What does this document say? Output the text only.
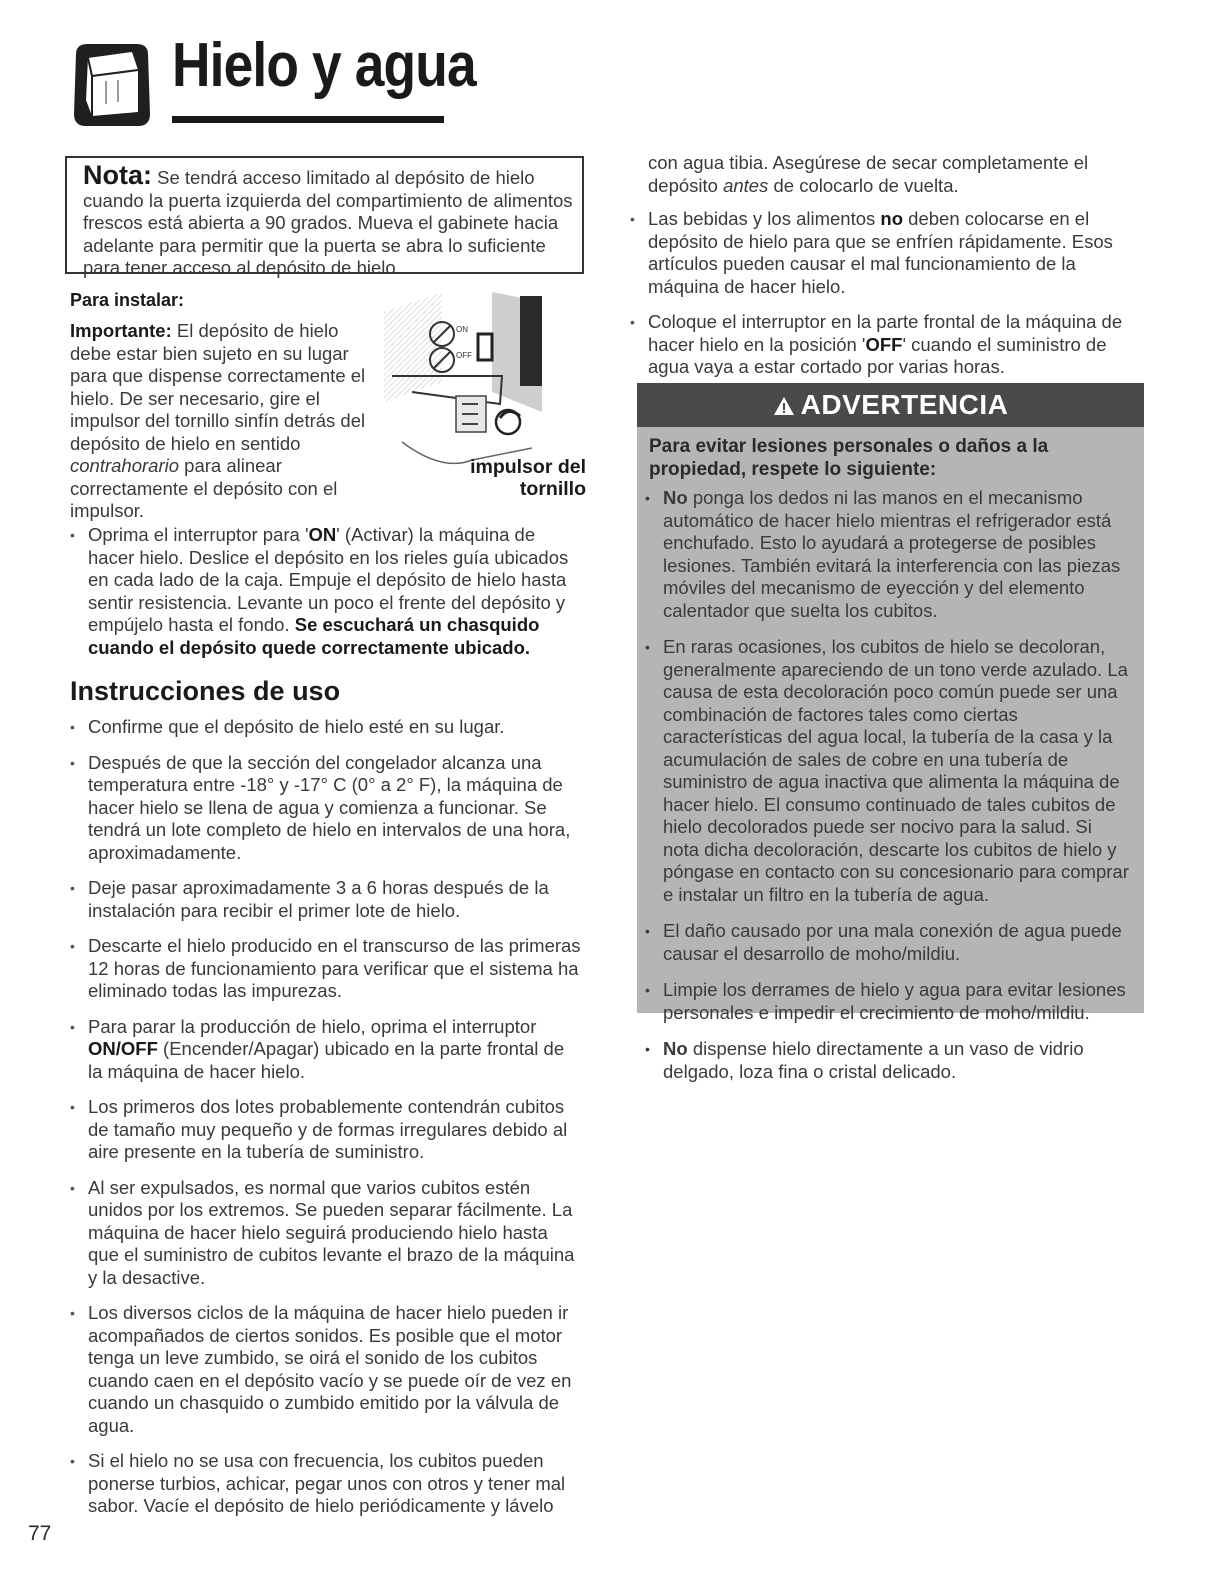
Hielo y agua

Nota: Se tendrá acceso limitado al depósito de hielo cuando la puerta izquierda del compartimiento de alimentos frescos está abierta a 90 grados. Mueva el gabinete hacia adelante para permitir que la puerta se abra lo suficiente para tener acceso al depósito de hielo.

Para instalar:

Importante: El depósito de hielo debe estar bien sujeto en su lugar para que dispense correctamente el hielo. De ser necesario, gire el impulsor del tornillo sinfín detrás del depósito de hielo en sentido contrahorario para alinear correctamente el depósito con el impulsor.

ON
OFF
impulsor del tornillo
• Oprima el interruptor para 'ON' (Activar) la máquina de hacer hielo. Deslice el depósito en los rieles guía ubicados en cada lado de la caja. Empuje el depósito de hielo hasta sentir resistencia. Levante un poco el frente del depósito y empújelo hasta el fondo. Se escuchará un chasquido cuando el depósito quede correctamente ubicado.
Instrucciones de uso
• Confirme que el depósito de hielo esté en su lugar.
• Después de que la sección del congelador alcanza una temperatura entre -18° y -17° C (0° a 2° F), la máquina de hacer hielo se llena de agua y comienza a funcionar. Se tendrá un lote completo de hielo en intervalos de una hora, aproximadamente.
• Deje pasar aproximadamente 3 a 6 horas después de la instalación para recibir el primer lote de hielo.
• Descarte el hielo producido en el transcurso de las primeras 12 horas de funcionamiento para verificar que el sistema ha eliminado todas las impurezas.
• Para parar la producción de hielo, oprima el interruptor ON/OFF (Encender/Apagar) ubicado en la parte frontal de la máquina de hacer hielo.
• Los primeros dos lotes probablemente contendrán cubitos de tamaño muy pequeño y de formas irregulares debido al aire presente en la tubería de suministro.
• Al ser expulsados, es normal que varios cubitos estén unidos por los extremos. Se pueden separar fácilmente. La máquina de hacer hielo seguirá produciendo hielo hasta que el suministro de cubitos levante el brazo de la máquina y la desactive.
• Los diversos ciclos de la máquina de hacer hielo pueden ir acompañados de ciertos sonidos. Es posible que el motor tenga un leve zumbido, se oirá el sonido de los cubitos cuando caen en el depósito vacío y se puede oír de vez en cuando un chasquido o zumbido emitido por la válvula de agua.
• Si el hielo no se usa con frecuencia, los cubitos pueden ponerse turbios, achicar, pegar unos con otros y tener mal sabor. Vacíe el depósito de hielo periódicamente y lávelo

con agua tibia. Asegúrese de secar completamente el depósito antes de colocarlo de vuelta.

• Las bebidas y los alimentos no deben colocarse en el depósito de hielo para que se enfríen rápidamente. Esos artículos pueden causar el mal funcionamiento de la máquina de hacer hielo.
• Coloque el interruptor en la parte frontal de la máquina de hacer hielo en la posición 'OFF' cuando el suministro de agua vaya a estar cortado por varias horas.
ADVERTENCIA

Para evitar lesiones personales o daños a la propiedad, respete lo siguiente:

• No ponga los dedos ni las manos en el mecanismo automático de hacer hielo mientras el refrigerador está enchufado. Esto lo ayudará a protegerse de posibles lesiones. También evitará la interferencia con las piezas móviles del mecanismo de eyección y del elemento calentador que suelta los cubitos.
• En raras ocasiones, los cubitos de hielo se decoloran, generalmente apareciendo de un tono verde azulado. La causa de esta decoloración poco común puede ser una combinación de factores tales como ciertas características del agua local, la tubería de la casa y la acumulación de sales de cobre en una tubería de suministro de agua inactiva que alimenta la máquina de hacer hielo. El consumo continuado de tales cubitos de hielo decolorados puede ser nocivo para la salud. Si nota dicha decoloración, descarte los cubitos de hielo y póngase en contacto con su concesionario para comprar e instalar un filtro en la tubería de agua.
• El daño causado por una mala conexión de agua puede causar el desarrollo de moho/mildiu.
• Limpie los derrames de hielo y agua para evitar lesiones personales e impedir el crecimiento de moho/mildiu.
• No dispense hielo directamente a un vaso de vidrio delgado, loza fina o cristal delicado.
77
